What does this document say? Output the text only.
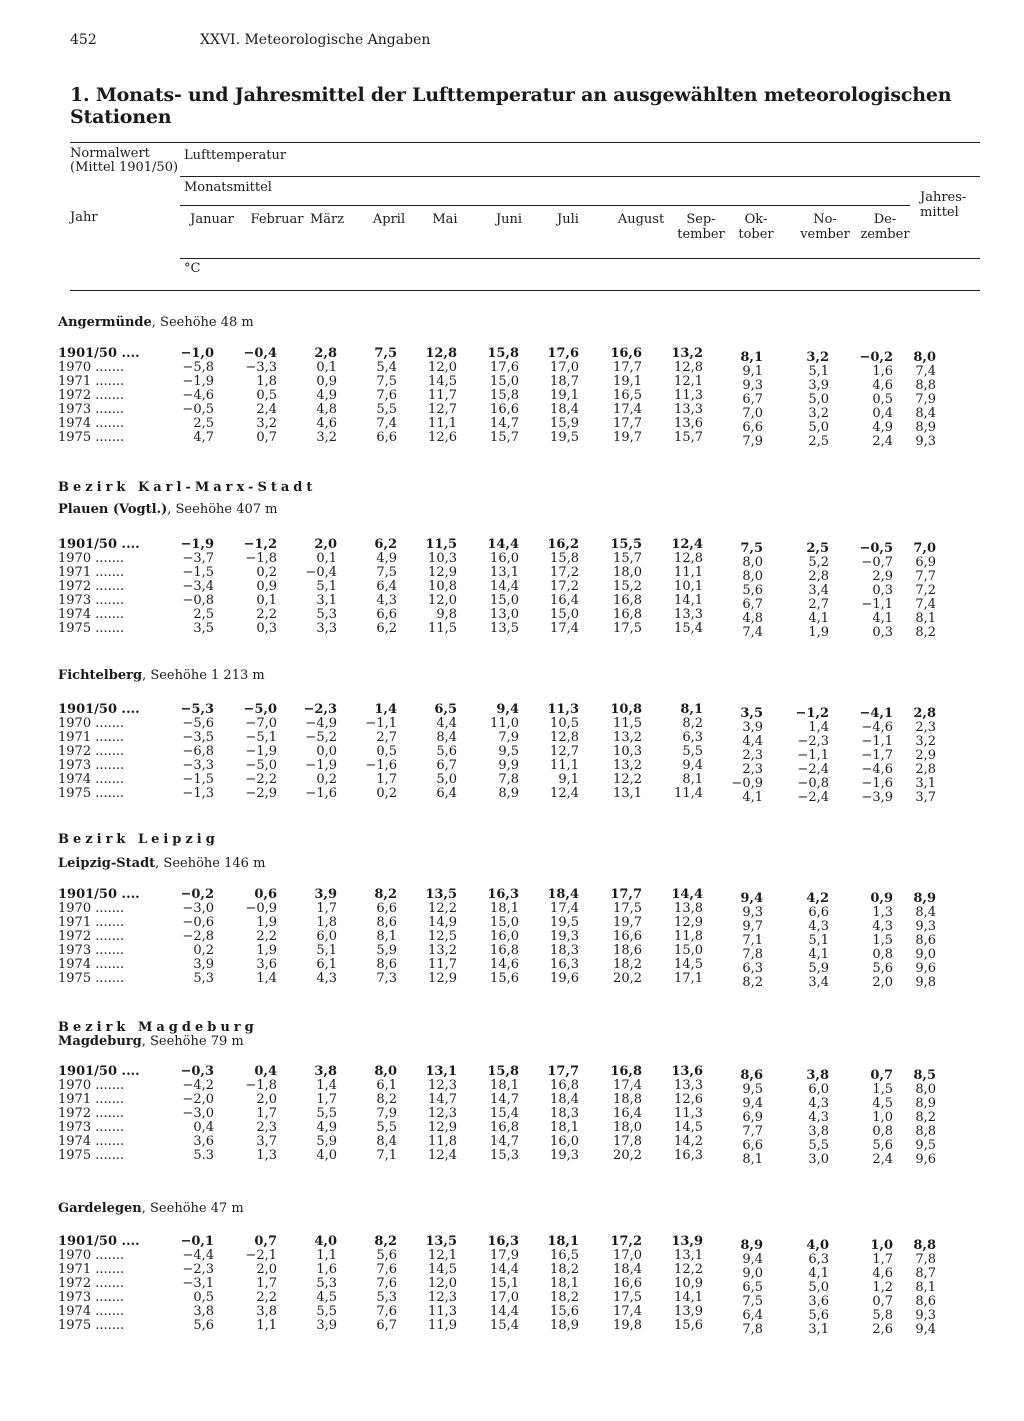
452	XXVI. Meteorologische Angaben
1. Monats- und Jahresmittel der Lufttemperatur an ausgewählten meteorologischen Stationen
Normalwert
(Mittel 1901/50)
Jahr
Lufttemperatur
Monatsmittel
°C
Jahres-
mittel
Januar	Februar März	April	Mai	Juni	Juli	August	Sep-
tember
Ok-
tober
No-
vember
De-
zember
Angermünde, Seehöhe 48 m
1901/50 ....	−1,0	−0,4	2,8	7,5	12,8	15,8	17,6	16,6	13,2	8,1	3,2	−0,2	8,0
1970 .......	−5,8	−3,3	0,1	5,4	12,0	17,6	17,0	17,7	12,8	9,1	5,1	1,6	7,4
1971 .......	−1,9	1,8	0,9	7,5	14,5	15,0	18,7	19,1	12,1	9,3	3,9	4,6	8,8
1972 .......	−4,6	0,5	4,9	7,6	11,7	15,8	19,1	16,5	11,3	6,7	5,0	0,5	7,9
1973 .......	−0,5	2,4	4,8	5,5	12,7	16,6	18,4	17,4	13,3	7,0	3,2	0,4	8,4
1974 .......	2,5	3,2	4,6	7,4	11,1	14,7	15,9	17,7	13,6	6,6	5,0	4,9	8,9
1975 .......	4,7	0,7	3,2	6,6	12,6	15,7	19,5	19,7	15,7	7,9	2,5	2,4	9,3
Bezirk Karl-Marx-Stadt
Plauen (Vogtl.), Seehöhe 407 m
1901/50 ....	−1,9	−1,2	2,0	6,2	11,5	14,4	16,2	15,5	12,4	7,5	2,5	−0,5	7,0
1970 .......	−3,7	−1,8	0,1	4,9	10,3	16,0	15,8	15,7	12,8	8,0	5,2	−0,7	6,9
1971 .......	−1,5	0,2	−0,4	7,5	12,9	13,1	17,2	18,0	11,1	8,0	2,8	2,9	7,7
1972 .......	−3,4	0,9	5,1	6,4	10,8	14,4	17,2	15,2	10,1	5,6	3,4	0,3	7,2
1973 .......	−0,8	0,1	3,1	4,3	12,0	15,0	16,4	16,8	14,1	6,7	2,7	−1,1	7,4
1974 .......	2,5	2,2	5,3	6,6	9,8	13,0	15,0	16,8	13,3	4,8	4,1	4,1	8,1
1975 .......	3,5	0,3	3,3	6,2	11,5	13,5	17,4	17,5	15,4	7,4	1,9	0,3	8,2
Fichtelberg, Seehöhe 1 213 m
1901/50 ....	−5,3	−5,0	−2,3	1,4	6,5	9,4	11,3	10,8	8,1	3,5	−1,2	−4,1	2,8
1970 .......	−5,6	−7,0	−4,9	−1,1	4,4	11,0	10,5	11,5	8,2	3,9	1,4	−4,6	2,3
1971 .......	−3,5	−5,1	−5,2	2,7	8,4	7,9	12,8	13,2	6,3	4,4	−2,3	−1,1	3,2
1972 .......	−6,8	−1,9	0,0	0,5	5,6	9,5	12,7	10,3	5,5	2,3	−1,1	−1,7	2,9
1973 .......	−3,3	−5,0	−1,9	−1,6	6,7	9,9	11,1	13,2	9,4	2,3	−2,4	−4,6	2,8
1974 .......	−1,5	−2,2	0,2	1,7	5,0	7,8	9,1	12,2	8,1	−0,9	−0,8	−1,6	3,1
1975 .......	−1,3	−2,9	−1,6	0,2	6,4	8,9	12,4	13,1	11,4	4,1	−2,4	−3,9	3,7
Bezirk Leipzig
Leipzig-Stadt, Seehöhe 146 m
1901/50 ....	−0,2	0,6	3,9	8,2	13,5	16,3	18,4	17,7	14,4	9,4	4,2	0,9	8,9
1970 .......	−3,0	−0,9	1,7	6,6	12,2	18,1	17,4	17,5	13,8	9,3	6,6	1,3	8,4
1971 .......	−0,6	1,9	1,8	8,6	14,9	15,0	19,5	19,7	12,9	9,7	4,3	4,3	9,3
1972 .......	−2,8	2,2	6,0	8,1	12,5	16,0	19,3	16,6	11,8	7,1	5,1	1,5	8,6
1973 .......	0,2	1,9	5,1	5,9	13,2	16,8	18,3	18,6	15,0	7,8	4,1	0,8	9,0
1974 .......	3,9	3,6	6,1	8,6	11,7	14,6	16,3	18,2	14,5	6,3	5,9	5,6	9,6
1975 .......	5,3	1,4	4,3	7,3	12,9	15,6	19,6	20,2	17,1	8,2	3,4	2,0	9,8
Bezirk Magdeburg
Magdeburg, Seehöhe 79 m
1901/50 ....	−0,3	0,4	3,8	8,0	13,1	15,8	17,7	16,8	13,6	8,6	3,8	0,7	8,5
1970 .......	−4,2	−1,8	1,4	6,1	12,3	18,1	16,8	17,4	13,3	9,5	6,0	1,5	8,0
1971 .......	−2,0	2,0	1,7	8,2	14,7	14,7	18,4	18,8	12,6	9,4	4,3	4,5	8,9
1972 .......	−3,0	1,7	5,5	7,9	12,3	15,4	18,3	16,4	11,3	6,9	4,3	1,0	8,2
1973 .......	0,4	2,3	4,9	5,5	12,9	16,8	18,1	18,0	14,5	7,7	3,8	0,8	8,8
1974 .......	3,6	3,7	5,9	8,4	11,8	14,7	16,0	17,8	14,2	6,6	5,5	5,6	9,5
1975 .......	5.3	1,3	4,0	7,1	12,4	15,3	19,3	20,2	16,3	8,1	3,0	2,4	9,6
Gardelegen, Seehöhe 47 m
1901/50 ....	−0,1	0,7	4,0	8,2	13,5	16,3	18,1	17,2	13,9	8,9	4,0	1,0	8,8
1970 .......	−4,4	−2,1	1,1	5,6	12,1	17,9	16,5	17,0	13,1	9,4	6,3	1,7	7,8
1971 .......	−2,3	2,0	1,6	7,6	14,5	14,4	18,2	18,4	12,2	9,0	4,1	4,6	8,7
1972 .......	−3,1	1,7	5,3	7,6	12,0	15,1	18,1	16,6	10,9	6,5	5,0	1,2	8,1
1973 .......	0,5	2,2	4,5	5,3	12,3	17,0	18,2	17,5	14,1	7,5	3,6	0,7	8,6
1974 .......	3,8	3,8	5,5	7,6	11,3	14,4	15,6	17,4	13,9	6,4	5,6	5,8	9,3
1975 .......	5,6	1,1	3,9	6,7	11,9	15,4	18,9	19,8	15,6	7,8	3,1	2,6	9,4
